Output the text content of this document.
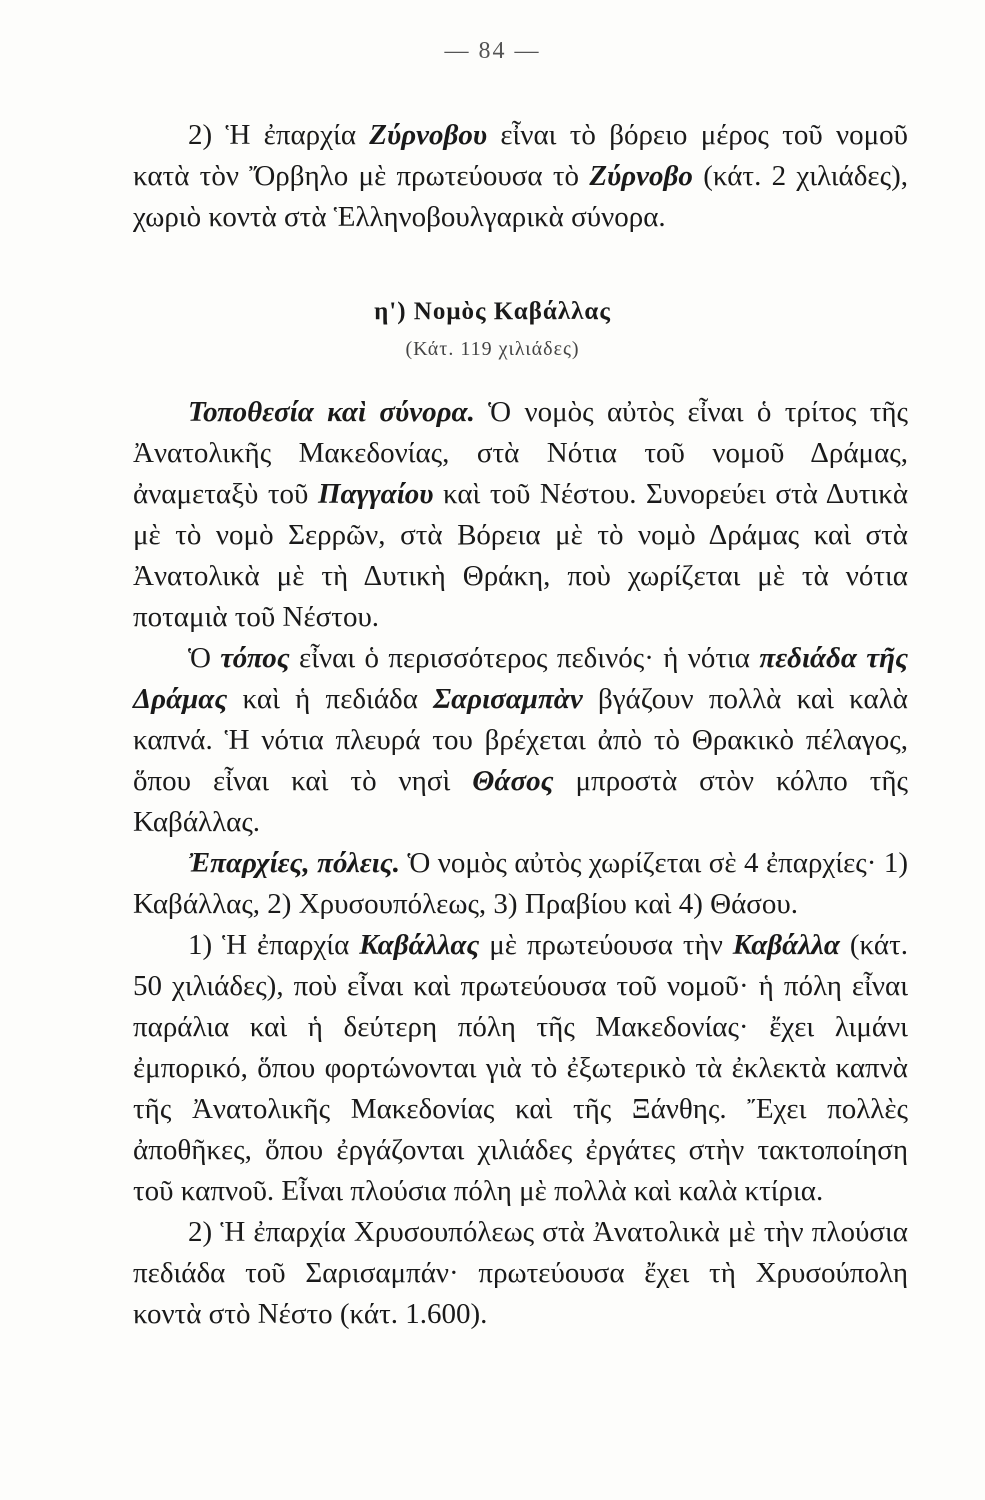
— 84 —

2) Ἡ ἐπαρχία Ζύρνοβου εἶναι τὸ βόρειο μέρος τοῦ νομοῦ κατὰ τὸν Ὄρβηλο μὲ πρωτεύουσα τὸ Ζύρνοβο (κάτ. 2 χιλιάδες), χωριὸ κοντὰ στὰ Ἑλληνοβουλγαρικὰ σύνορα.

η') Νομὸς Καβάλλας
(Κάτ. 119 χιλιάδες)

Τοποθεσία καὶ σύνορα. Ὁ νομὸς αὐτὸς εἶναι ὁ τρίτος τῆς Ἀνατολικῆς Μακεδονίας, στὰ Νότια τοῦ νομοῦ Δράμας, ἀναμεταξὺ τοῦ Παγγαίου καὶ τοῦ Νέστου. Συνορεύει στὰ Δυτικὰ μὲ τὸ νομὸ Σερρῶν, στὰ Βόρεια μὲ τὸ νομὸ Δράμας καὶ στὰ Ἀνατολικὰ μὲ τὴ Δυτικὴ Θράκη, ποὺ χωρίζεται μὲ τὰ νότια ποταμιὰ τοῦ Νέστου.

Ὁ τόπος εἶναι ὁ περισσότερος πεδινός· ἡ νότια πεδιάδα τῆς Δράμας καὶ ἡ πεδιάδα Σαρισαμπὰν βγάζουν πολλὰ καὶ καλὰ καπνά. Ἡ νότια πλευρά του βρέχεται ἀπὸ τὸ Θρακικὸ πέλαγος, ὅπου εἶναι καὶ τὸ νησὶ Θάσος μπροστὰ στὸν κόλπο τῆς Καβάλλας.

Ἐπαρχίες, πόλεις. Ὁ νομὸς αὐτὸς χωρίζεται σὲ 4 ἐπαρχίες· 1) Καβάλλας, 2) Χρυσουπόλεως, 3) Πραβίου καὶ 4) Θάσου.

1) Ἡ ἐπαρχία Καβάλλας μὲ πρωτεύουσα τὴν Καβάλλα (κάτ. 50 χιλιάδες), ποὺ εἶναι καὶ πρωτεύουσα τοῦ νομοῦ· ἡ πόλη εἶναι παράλια καὶ ἡ δεύτερη πόλη τῆς Μακεδονίας· ἔχει λιμάνι ἐμπορικό, ὅπου φορτώνονται γιὰ τὸ ἐξωτερικὸ τὰ ἐκλεκτὰ καπνὰ τῆς Ἀνατολικῆς Μακεδονίας καὶ τῆς Ξάνθης. Ἔχει πολλὲς ἀποθῆκες, ὅπου ἐργάζονται χιλιάδες ἐργάτες στὴν τακτοποίηση τοῦ καπνοῦ. Εἶναι πλούσια πόλη μὲ πολλὰ καὶ καλὰ κτίρια.

2) Ἡ ἐπαρχία Χρυσουπόλεως στὰ Ἀνατολικὰ μὲ τὴν πλούσια πεδιάδα τοῦ Σαρισαμπάν· πρωτεύουσα ἔχει τὴ Χρυσούπολη κοντὰ στὸ Νέστο (κάτ. 1.600).
